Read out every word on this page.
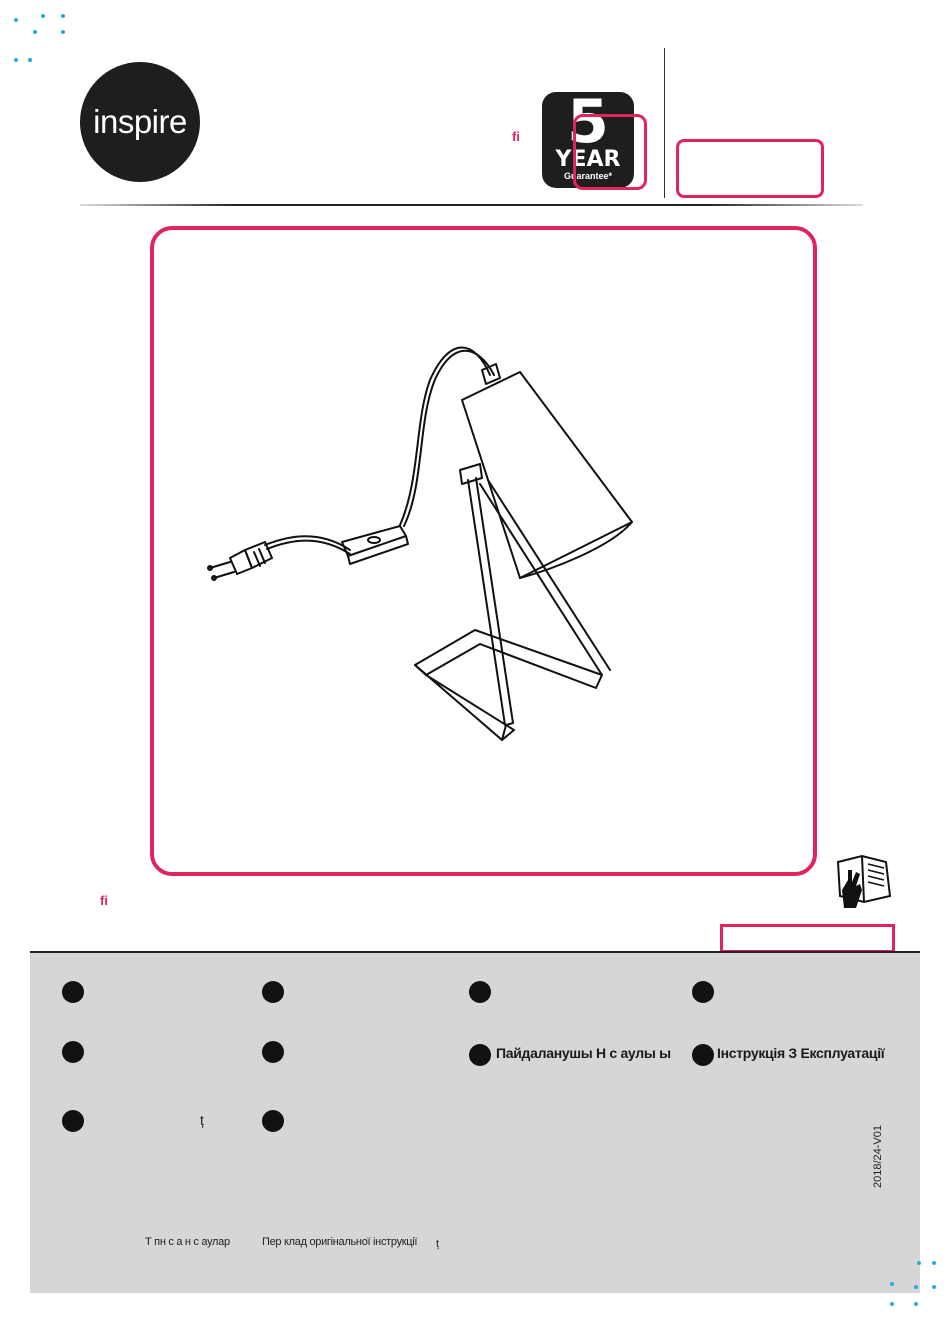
inspire	ﬁ 5
YEAR
Guarantee*
ﬁ
Пайдаланушы Н с аулы ы	Інструкція З Експлуатації
ț
2018/24-V01
Т пн с а н с аулар	Пер клад оригінальної інструкції ț
